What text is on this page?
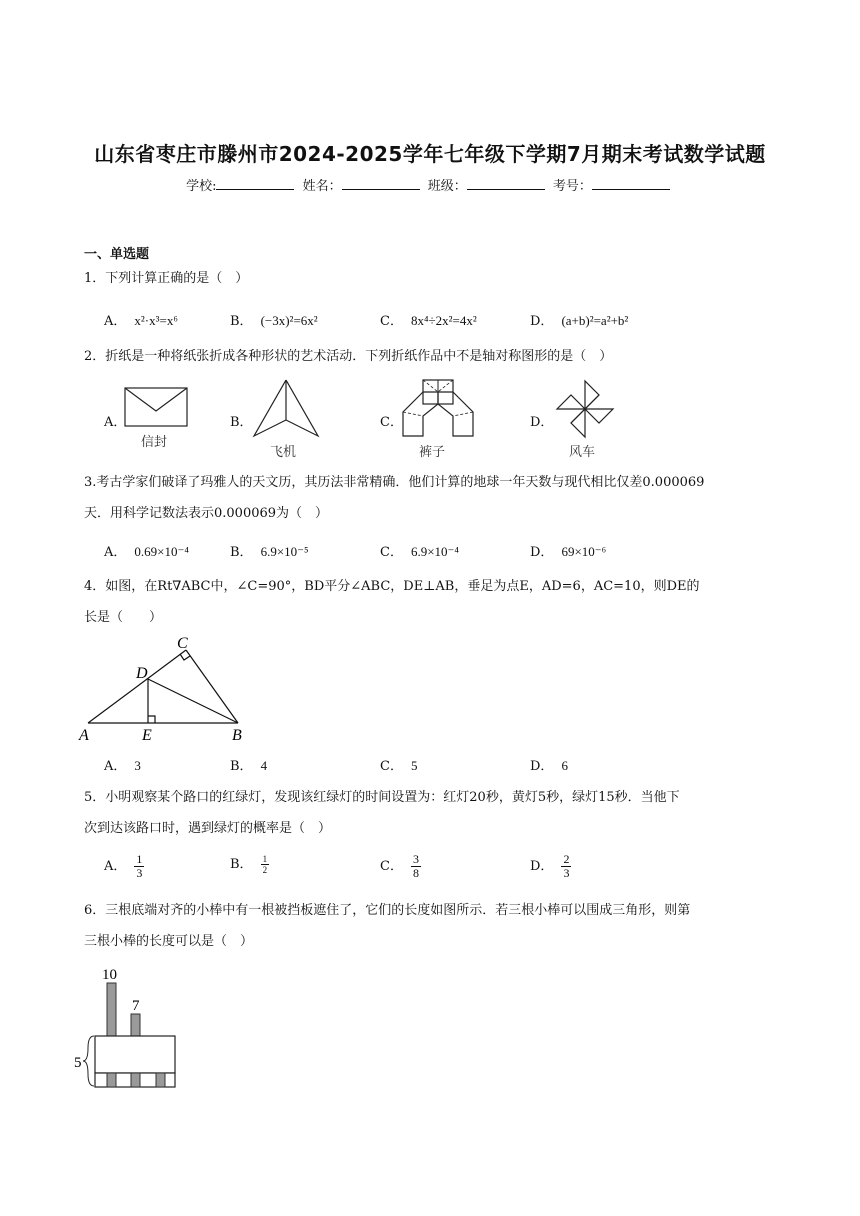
山东省枣庄市滕州市2024-2025学年七年级下学期7月期末考试数学试题
学校:	姓名：	班级：	考号：
一、单选题
1．下列计算正确的是（　）
A． x²·x³=x⁶	B． (−3x)²=6x²	C． 8x⁴÷2x²=4x²	D． (a+b)²=a²+b²
2．折纸是一种将纸张折成各种形状的艺术活动．下列折纸作品中不是轴对称图形的是（　）
A．
信封
B．
飞机
C．
裤子
D．
风车
3.考古学家们破译了玛雅人的天文历，其历法非常精确．他们计算的地球一年天数与现代相比仅差0.000069
天．用科学记数法表示0.000069为（　）
A． 0.69×10⁻⁴	B． 6.9×10⁻⁵	C． 6.9×10⁻⁴	D． 69×10⁻⁶
4．如图，在Rt∇ABC中，∠C=90°，BD平分∠ABC，DE⊥AB，垂足为点E，AD=6，AC=10，则DE的
长是（　　）
C
D
A	E	B
A． 3	B． 4	C． 5	D． 6
5．小明观察某个路口的红绿灯，发现该红绿灯的时间设置为：红灯20秒，黄灯5秒，绿灯15秒．当他下
次到达该路口时，遇到绿灯的概率是（　）
A． $\frac{1}{3}$	B． $\frac{1}{2}$	C． $\frac{3}{8}$	D． $\frac{2}{3}$
6．三根底端对齐的小棒中有一根被挡板遮住了，它们的长度如图所示．若三根小棒可以围成三角形，则第
三根小棒的长度可以是（　）
10
7
5
